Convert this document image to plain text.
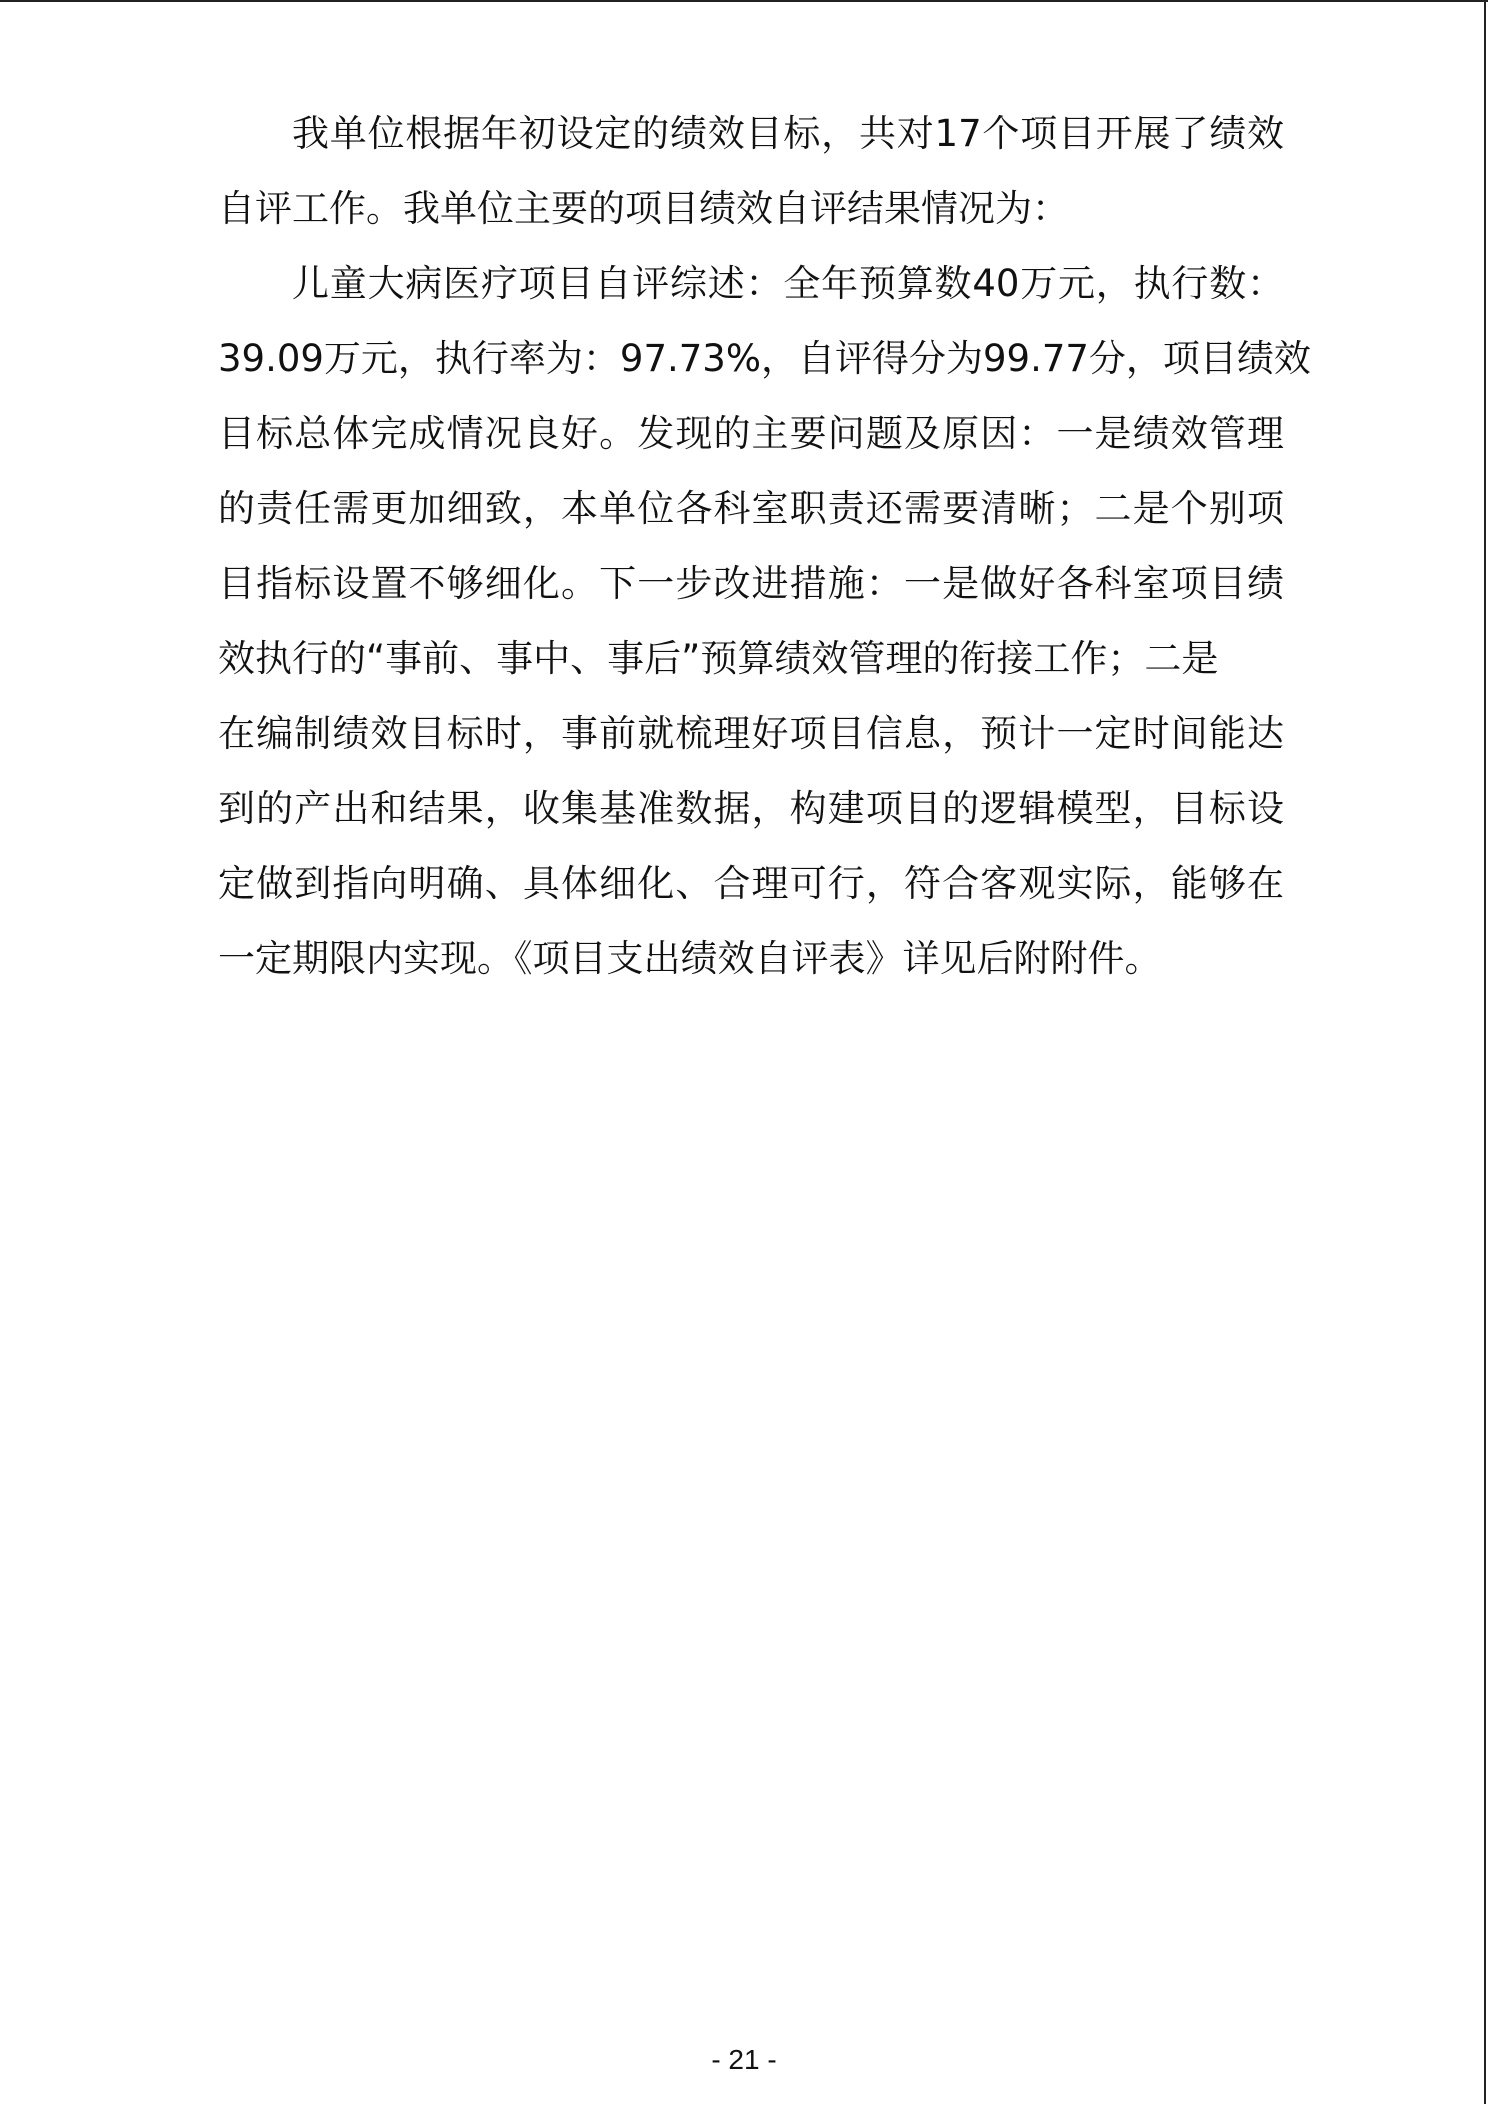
我单位根据年初设定的绩效目标，共对17个项目开展了绩效
自评工作。我单位主要的项目绩效自评结果情况为：
儿童大病医疗项目自评综述：全年预算数40万元，执行数：
39.09万元，执行率为：97.73%，自评得分为99.77分，项目绩效
目标总体完成情况良好。发现的主要问题及原因：一是绩效管理
的责任需更加细致，本单位各科室职责还需要清晰；二是个别项
目指标设置不够细化。下一步改进措施：一是做好各科室项目绩
效执行的“事前、事中、事后”预算绩效管理的衔接工作；二是
在编制绩效目标时，事前就梳理好项目信息，预计一定时间能达
到的产出和结果，收集基准数据，构建项目的逻辑模型，目标设
定做到指向明确、具体细化、合理可行，符合客观实际，能够在
一定期限内实现。《项目支出绩效自评表》详见后附附件。
- 21 -
